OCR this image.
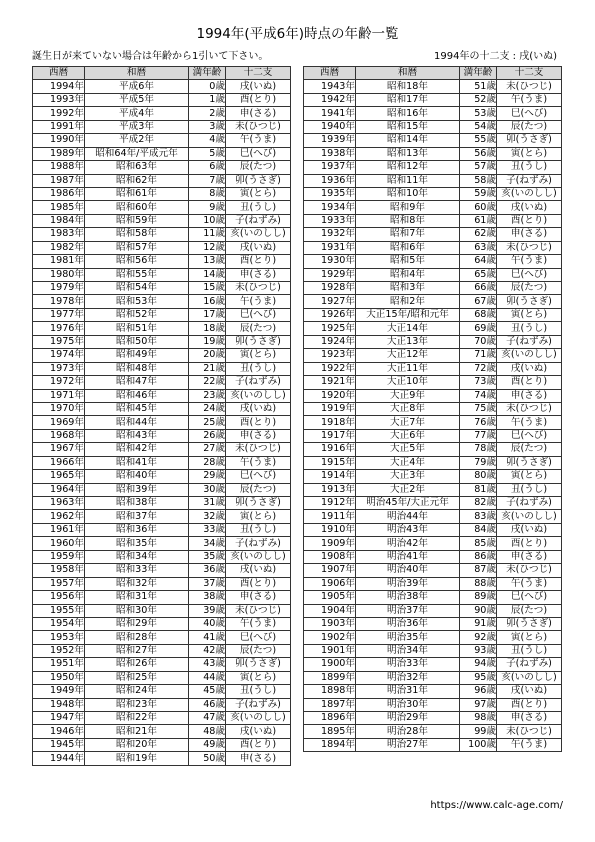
1994年(平成6年)時点の年齢一覧
誕生日が来ていない場合は年齢から1引いて下さい。	1994年の十二支 : 戌(いぬ)
西暦	和暦	満年齢	十二支
1994年	平成6年	0歳	戌(いぬ)
1993年	平成5年	1歳	酉(とり)
1992年	平成4年	2歳	申(さる)
1991年	平成3年	3歳	未(ひつじ)
1990年	平成2年	4歳	午(うま)
1989年	昭和64年/平成元年	5歳	巳(へび)
1988年	昭和63年	6歳	辰(たつ)
1987年	昭和62年	7歳	卯(うさぎ)
1986年	昭和61年	8歳	寅(とら)
1985年	昭和60年	9歳	丑(うし)
1984年	昭和59年	10歳	子(ねずみ)
1983年	昭和58年	11歳	亥(いのしし)
1982年	昭和57年	12歳	戌(いぬ)
1981年	昭和56年	13歳	酉(とり)
1980年	昭和55年	14歳	申(さる)
1979年	昭和54年	15歳	未(ひつじ)
1978年	昭和53年	16歳	午(うま)
1977年	昭和52年	17歳	巳(へび)
1976年	昭和51年	18歳	辰(たつ)
1975年	昭和50年	19歳	卯(うさぎ)
1974年	昭和49年	20歳	寅(とら)
1973年	昭和48年	21歳	丑(うし)
1972年	昭和47年	22歳	子(ねずみ)
1971年	昭和46年	23歳	亥(いのしし)
1970年	昭和45年	24歳	戌(いぬ)
1969年	昭和44年	25歳	酉(とり)
1968年	昭和43年	26歳	申(さる)
1967年	昭和42年	27歳	未(ひつじ)
1966年	昭和41年	28歳	午(うま)
1965年	昭和40年	29歳	巳(へび)
1964年	昭和39年	30歳	辰(たつ)
1963年	昭和38年	31歳	卯(うさぎ)
1962年	昭和37年	32歳	寅(とら)
1961年	昭和36年	33歳	丑(うし)
1960年	昭和35年	34歳	子(ねずみ)
1959年	昭和34年	35歳	亥(いのしし)
1958年	昭和33年	36歳	戌(いぬ)
1957年	昭和32年	37歳	酉(とり)
1956年	昭和31年	38歳	申(さる)
1955年	昭和30年	39歳	未(ひつじ)
1954年	昭和29年	40歳	午(うま)
1953年	昭和28年	41歳	巳(へび)
1952年	昭和27年	42歳	辰(たつ)
1951年	昭和26年	43歳	卯(うさぎ)
1950年	昭和25年	44歳	寅(とら)
1949年	昭和24年	45歳	丑(うし)
1948年	昭和23年	46歳	子(ねずみ)
1947年	昭和22年	47歳	亥(いのしし)
1946年	昭和21年	48歳	戌(いぬ)
1945年	昭和20年	49歳	酉(とり)
1944年	昭和19年	50歳	申(さる)
西暦	和暦	満年齢	十二支
1943年	昭和18年	51歳	未(ひつじ)
1942年	昭和17年	52歳	午(うま)
1941年	昭和16年	53歳	巳(へび)
1940年	昭和15年	54歳	辰(たつ)
1939年	昭和14年	55歳	卯(うさぎ)
1938年	昭和13年	56歳	寅(とら)
1937年	昭和12年	57歳	丑(うし)
1936年	昭和11年	58歳	子(ねずみ)
1935年	昭和10年	59歳	亥(いのしし)
1934年	昭和9年	60歳	戌(いぬ)
1933年	昭和8年	61歳	酉(とり)
1932年	昭和7年	62歳	申(さる)
1931年	昭和6年	63歳	未(ひつじ)
1930年	昭和5年	64歳	午(うま)
1929年	昭和4年	65歳	巳(へび)
1928年	昭和3年	66歳	辰(たつ)
1927年	昭和2年	67歳	卯(うさぎ)
1926年	大正15年/昭和元年	68歳	寅(とら)
1925年	大正14年	69歳	丑(うし)
1924年	大正13年	70歳	子(ねずみ)
1923年	大正12年	71歳	亥(いのしし)
1922年	大正11年	72歳	戌(いぬ)
1921年	大正10年	73歳	酉(とり)
1920年	大正9年	74歳	申(さる)
1919年	大正8年	75歳	未(ひつじ)
1918年	大正7年	76歳	午(うま)
1917年	大正6年	77歳	巳(へび)
1916年	大正5年	78歳	辰(たつ)
1915年	大正4年	79歳	卯(うさぎ)
1914年	大正3年	80歳	寅(とら)
1913年	大正2年	81歳	丑(うし)
1912年	明治45年/大正元年	82歳	子(ねずみ)
1911年	明治44年	83歳	亥(いのしし)
1910年	明治43年	84歳	戌(いぬ)
1909年	明治42年	85歳	酉(とり)
1908年	明治41年	86歳	申(さる)
1907年	明治40年	87歳	未(ひつじ)
1906年	明治39年	88歳	午(うま)
1905年	明治38年	89歳	巳(へび)
1904年	明治37年	90歳	辰(たつ)
1903年	明治36年	91歳	卯(うさぎ)
1902年	明治35年	92歳	寅(とら)
1901年	明治34年	93歳	丑(うし)
1900年	明治33年	94歳	子(ねずみ)
1899年	明治32年	95歳	亥(いのしし)
1898年	明治31年	96歳	戌(いぬ)
1897年	明治30年	97歳	酉(とり)
1896年	明治29年	98歳	申(さる)
1895年	明治28年	99歳	未(ひつじ)
1894年	明治27年	100歳	午(うま)
https://www.calc-age.com/
